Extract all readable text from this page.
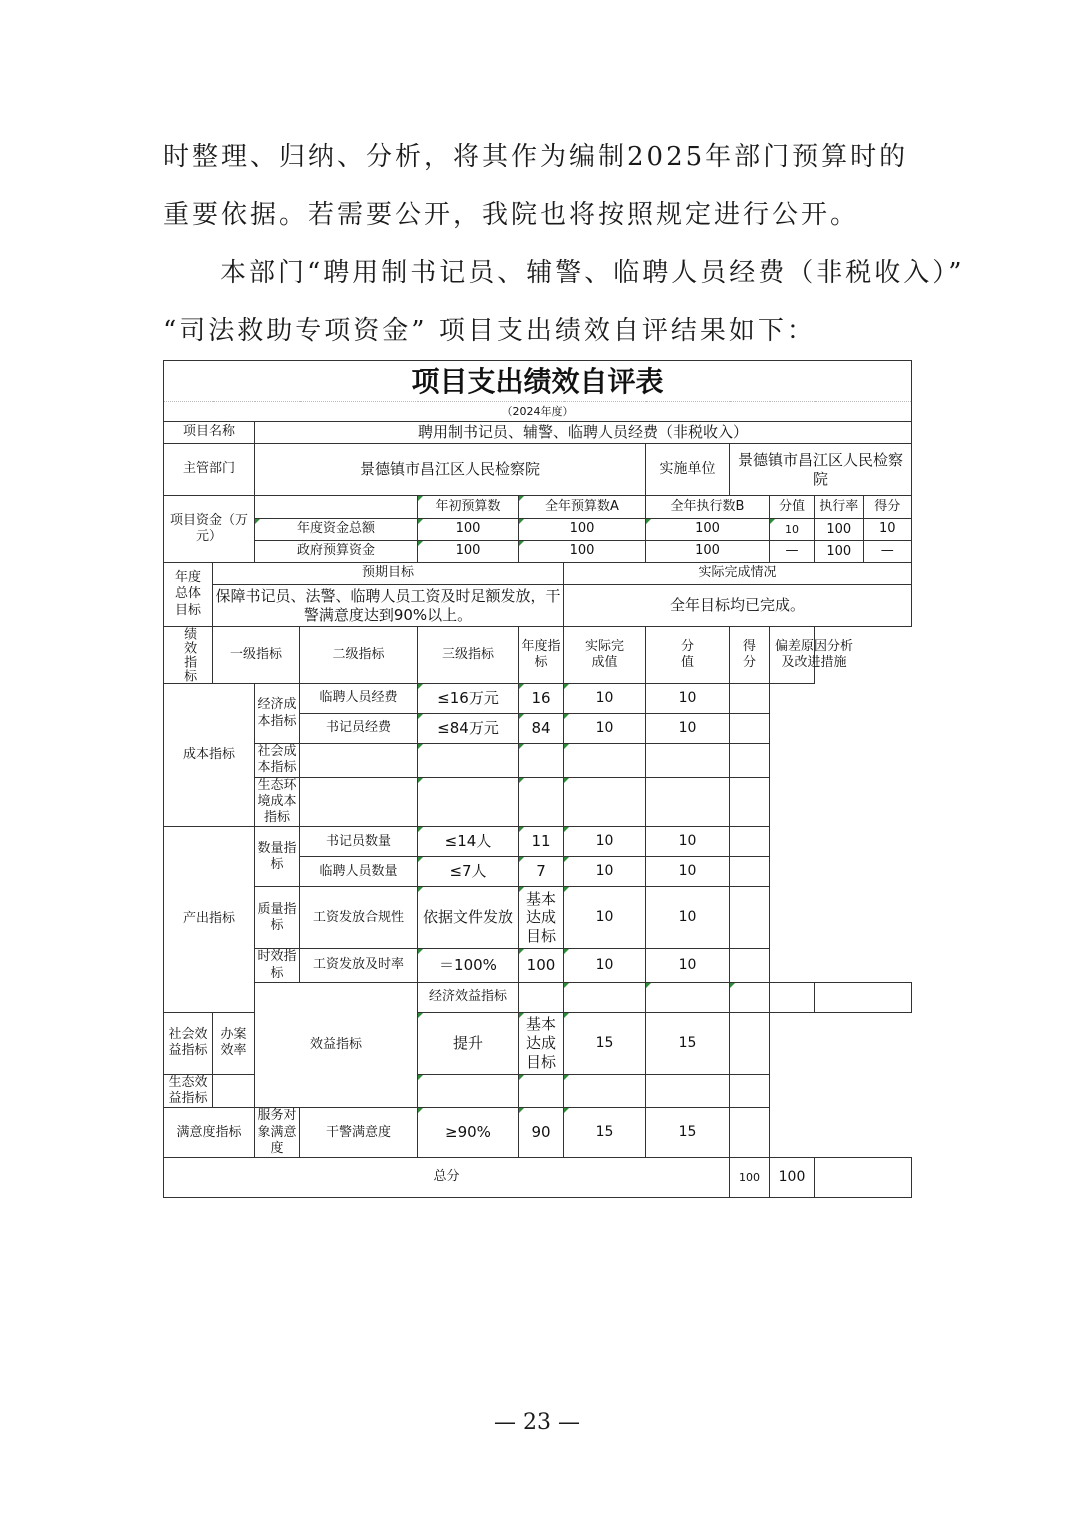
时整理、归纳、分析，将其作为编制2025年部门预算时的
重要依据。若需要公开，我院也将按照规定进行公开。
本部门“聘用制书记员、辅警、临聘人员经费（非税收入）”
“司法救助专项资金” 项目支出绩效自评结果如下：
项目支出绩效自评表										
（2024年度）										
项目名称		聘用制书记员、辅警、临聘人员经费（非税收入）								
主管部门		景德镇市昌江区人民检察院					实施单位	景德镇市昌江区人民检察院		
项目资金（万元）				年初预算数	全年预算数A		全年执行数B		分值	执行率 得分

		年度资金总额		100	100		100		10	100 10

		政府预算资金		100	100		100		—	100 —

年度总体目标	预期目标					实际完成情况				
	保障书记员、法警、临聘人员工资及时足额发放，干警满意度达到90%以上。					全年目标均已完成。				

绩效指标	一级指标		二级指标	三级指标	年度指标	实际完成值	分值	得分	偏差原因分析及改进措施	

成本指标		经济成本指标	临聘人员经费	≤16万元	16	10	10			
			书记员经费	≤84万元	84	10	10			
		社会成本指标								
		生态环境成本指标								
产出指标		数量指标	书记员数量	≤14人	11	10	10			
			临聘人员数量	≤7人	7	10	10			
		质量指标	工资发放合规性	依据文件发放	基本达成目标	10	10			
		时效指标	工资发放及时率	＝100%	100	10	10			
		效益指标		经济效益指标						
社会效益指标	办案效率			提升	基本达成目标	15	15			
生态效益指标										
满意度指标		服务对象满意度	干警满意度	≥90%	90	15	15			
总分								100	100	
— 23 —
